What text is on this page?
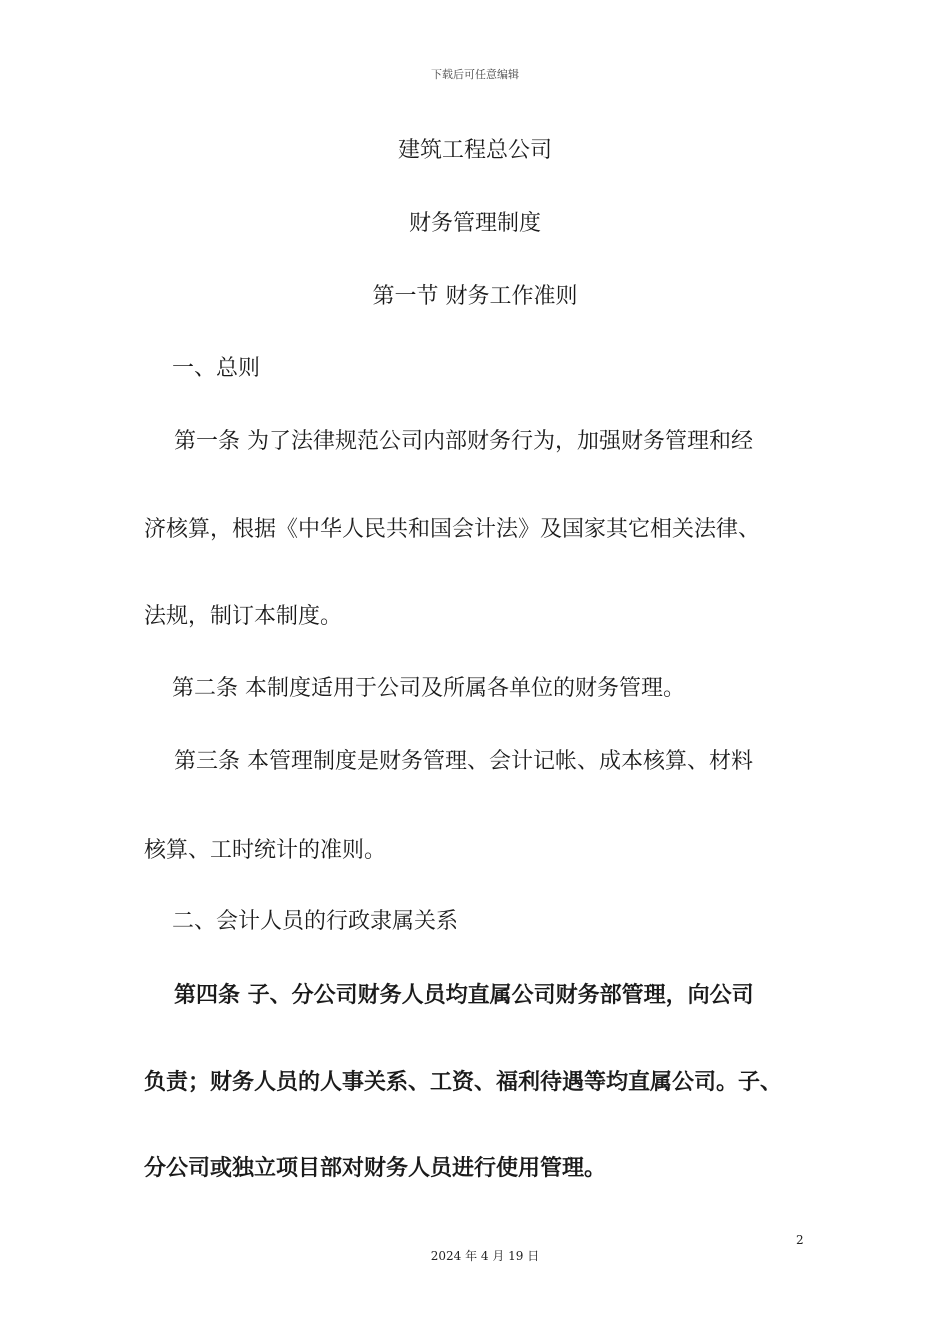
下载后可任意编辑
建筑工程总公司
财务管理制度
第一节 财务工作准则
一、总则
第一条 为了法律规范公司内部财务行为，加强财务管理和经
济核算，根据《中华人民共和国会计法》及国家其它相关法律、
法规，制订本制度。
第二条 本制度适用于公司及所属各单位的财务管理。
第三条 本管理制度是财务管理、会计记帐、成本核算、材料
核算、工时统计的准则。
二、会计人员的行政隶属关系
第四条 子、分公司财务人员均直属公司财务部管理，向公司
负责；财务人员的人事关系、工资、福利待遇等均直属公司。子、
分公司或独立项目部对财务人员进行使用管理。
2
2024 年 4 月 19 日
